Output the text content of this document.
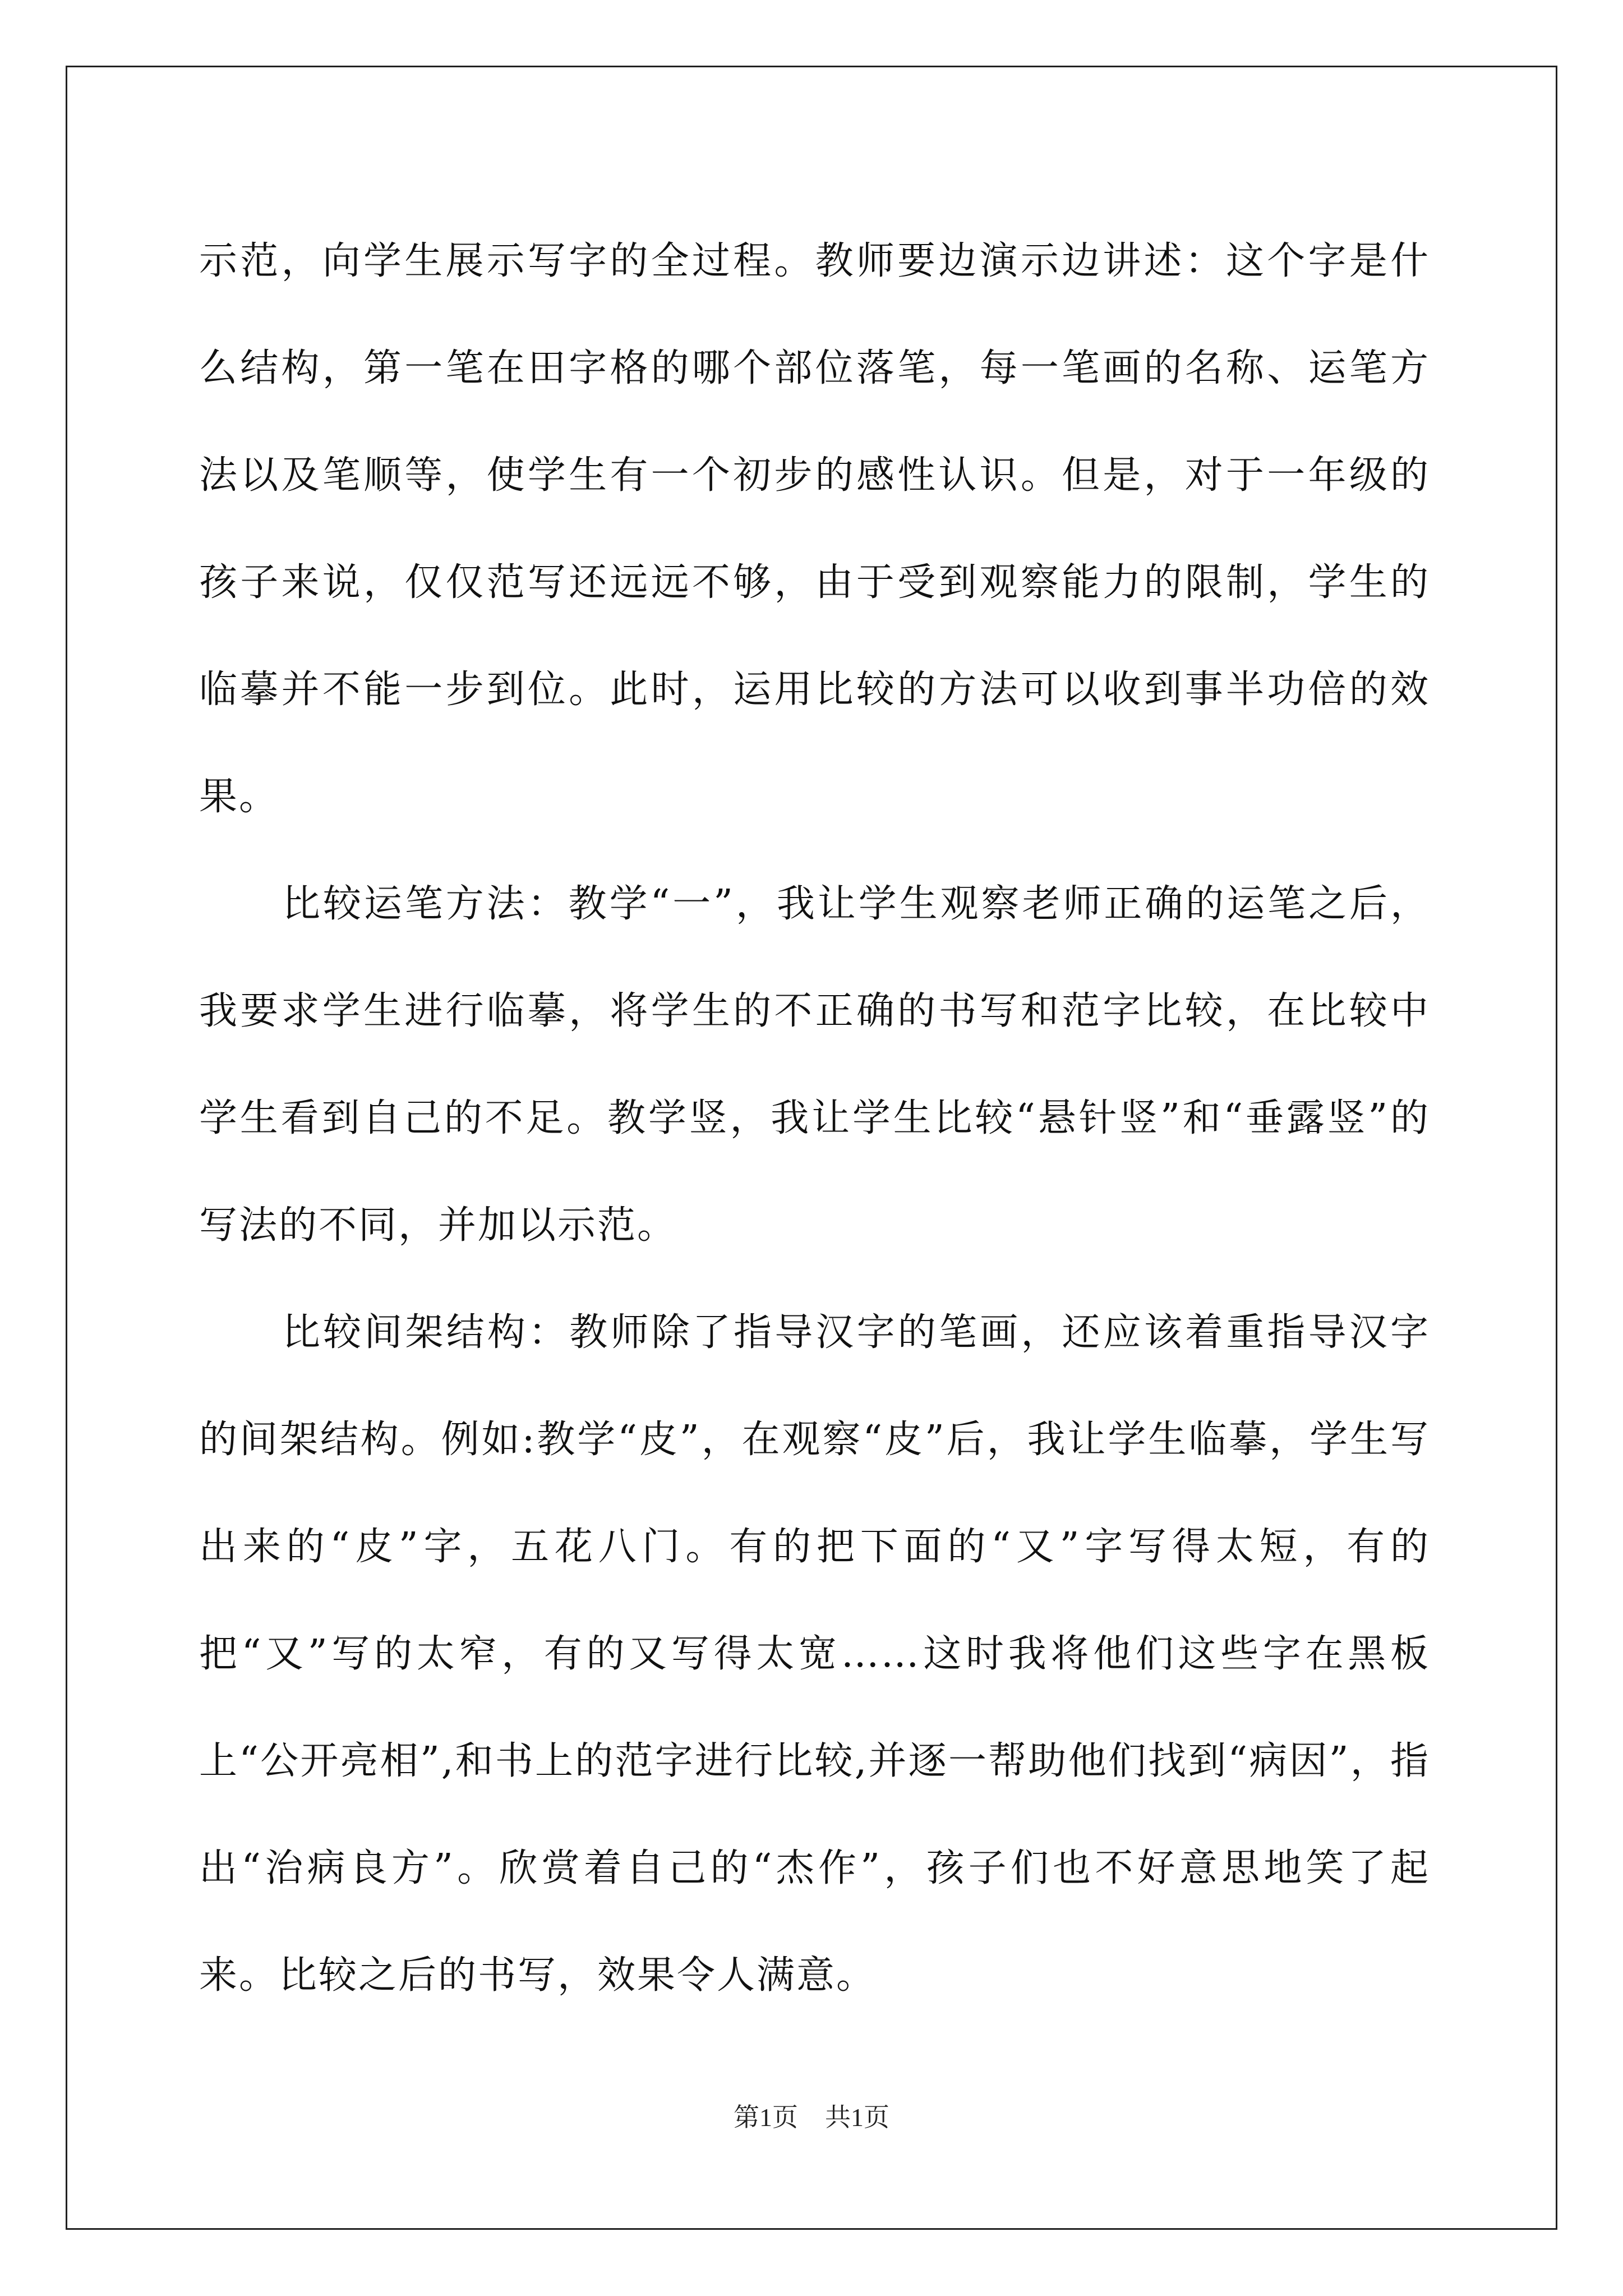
示范，向学生展示写字的全过程。教师要边演示边讲述：这个字是什么结构，第一笔在田字格的哪个部位落笔，每一笔画的名称、运笔方法以及笔顺等，使学生有一个初步的感性认识。但是，对于一年级的孩子来说，仅仅范写还远远不够，由于受到观察能力的限制，学生的临摹并不能一步到位。此时，运用比较的方法可以收到事半功倍的效果。

比较运笔方法：教学“一”，我让学生观察老师正确的运笔之后，我要求学生进行临摹，将学生的不正确的书写和范字比较，在比较中学生看到自己的不足。教学竖，我让学生比较“悬针竖”和“垂露竖”的写法的不同，并加以示范。

比较间架结构：教师除了指导汉字的笔画，还应该着重指导汉字的间架结构。例如:教学“皮”，在观察“皮”后，我让学生临摹，学生写出来的“皮”字，五花八门。有的把下面的“又”字写得太短，有的把“又”写的太窄，有的又写得太宽……这时我将他们这些字在黑板上“公开亮相”,和书上的范字进行比较,并逐一帮助他们找到“病因”，指出“治病良方”。欣赏着自己的“杰作”，孩子们也不好意思地笑了起来。比较之后的书写，效果令人满意。

第1页 共1页
